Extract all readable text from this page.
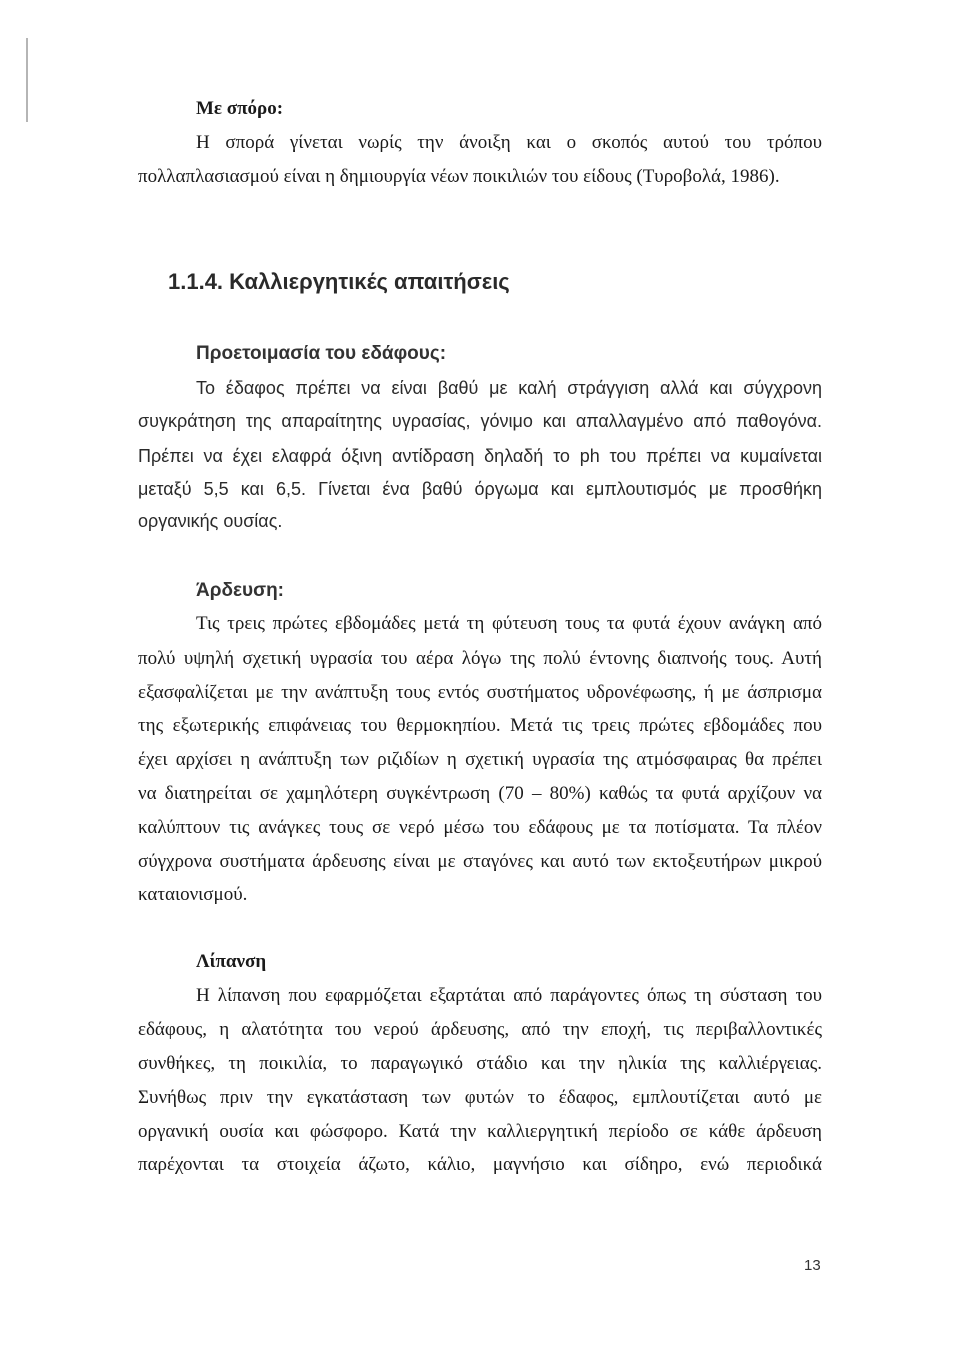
Με σπόρο:
Η σπορά γίνεται νωρίς την άνοιξη και ο σκοπός αυτού του τρόπου
πολλαπλασιασμού είναι η δημιουργία νέων ποικιλιών του είδους (Τυροβολά, 1986).
1.1.4. Καλλιεργητικές απαιτήσεις
Προετοιμασία του εδάφους:
Το έδαφος πρέπει να είναι βαθύ με καλή στράγγιση αλλά και σύγχρονη
συγκράτηση της απαραίτητης υγρασίας, γόνιμο και απαλλαγμένο από παθογόνα.
Πρέπει να έχει ελαφρά όξινη αντίδραση δηλαδή το ph του πρέπει να κυμαίνεται
μεταξύ 5,5 και 6,5. Γίνεται ένα βαθύ όργωμα και εμπλουτισμός με προσθήκη
οργανικής ουσίας.
Άρδευση:
Τις τρεις πρώτες εβδομάδες μετά τη φύτευση τους τα φυτά έχουν ανάγκη από
πολύ υψηλή σχετική υγρασία του αέρα λόγω της πολύ έντονης διαπνοής τους. Αυτή
εξασφαλίζεται με την ανάπτυξη τους εντός συστήματος υδρονέφωσης, ή με άσπρισμα
της εξωτερικής επιφάνειας του θερμοκηπίου. Μετά τις τρεις πρώτες εβδομάδες που
έχει αρχίσει η ανάπτυξη των ριζιδίων η σχετική υγρασία της ατμόσφαιρας θα πρέπει
να διατηρείται σε χαμηλότερη συγκέντρωση (70 – 80%) καθώς τα φυτά αρχίζουν να
καλύπτουν τις ανάγκες τους σε νερό μέσω του εδάφους με τα ποτίσματα. Τα πλέον
σύγχρονα συστήματα άρδευσης είναι με σταγόνες και αυτό των εκτοξευτήρων μικρού
καταιονισμού.
Λίπανση
Η λίπανση που εφαρμόζεται εξαρτάται από παράγοντες όπως τη σύσταση του
εδάφους, η αλατότητα του νερού άρδευσης, από την εποχή, τις περιβαλλοντικές
συνθήκες, τη ποικιλία, το παραγωγικό στάδιο και την ηλικία της καλλιέργειας.
Συνήθως πριν την εγκατάσταση των φυτών το έδαφος, εμπλουτίζεται αυτό με
οργανική ουσία και φώσφορο. Κατά την καλλιεργητική περίοδο σε κάθε άρδευση
παρέχονται τα στοιχεία άζωτο, κάλιο, μαγνήσιο και σίδηρο, ενώ περιοδικά
13
